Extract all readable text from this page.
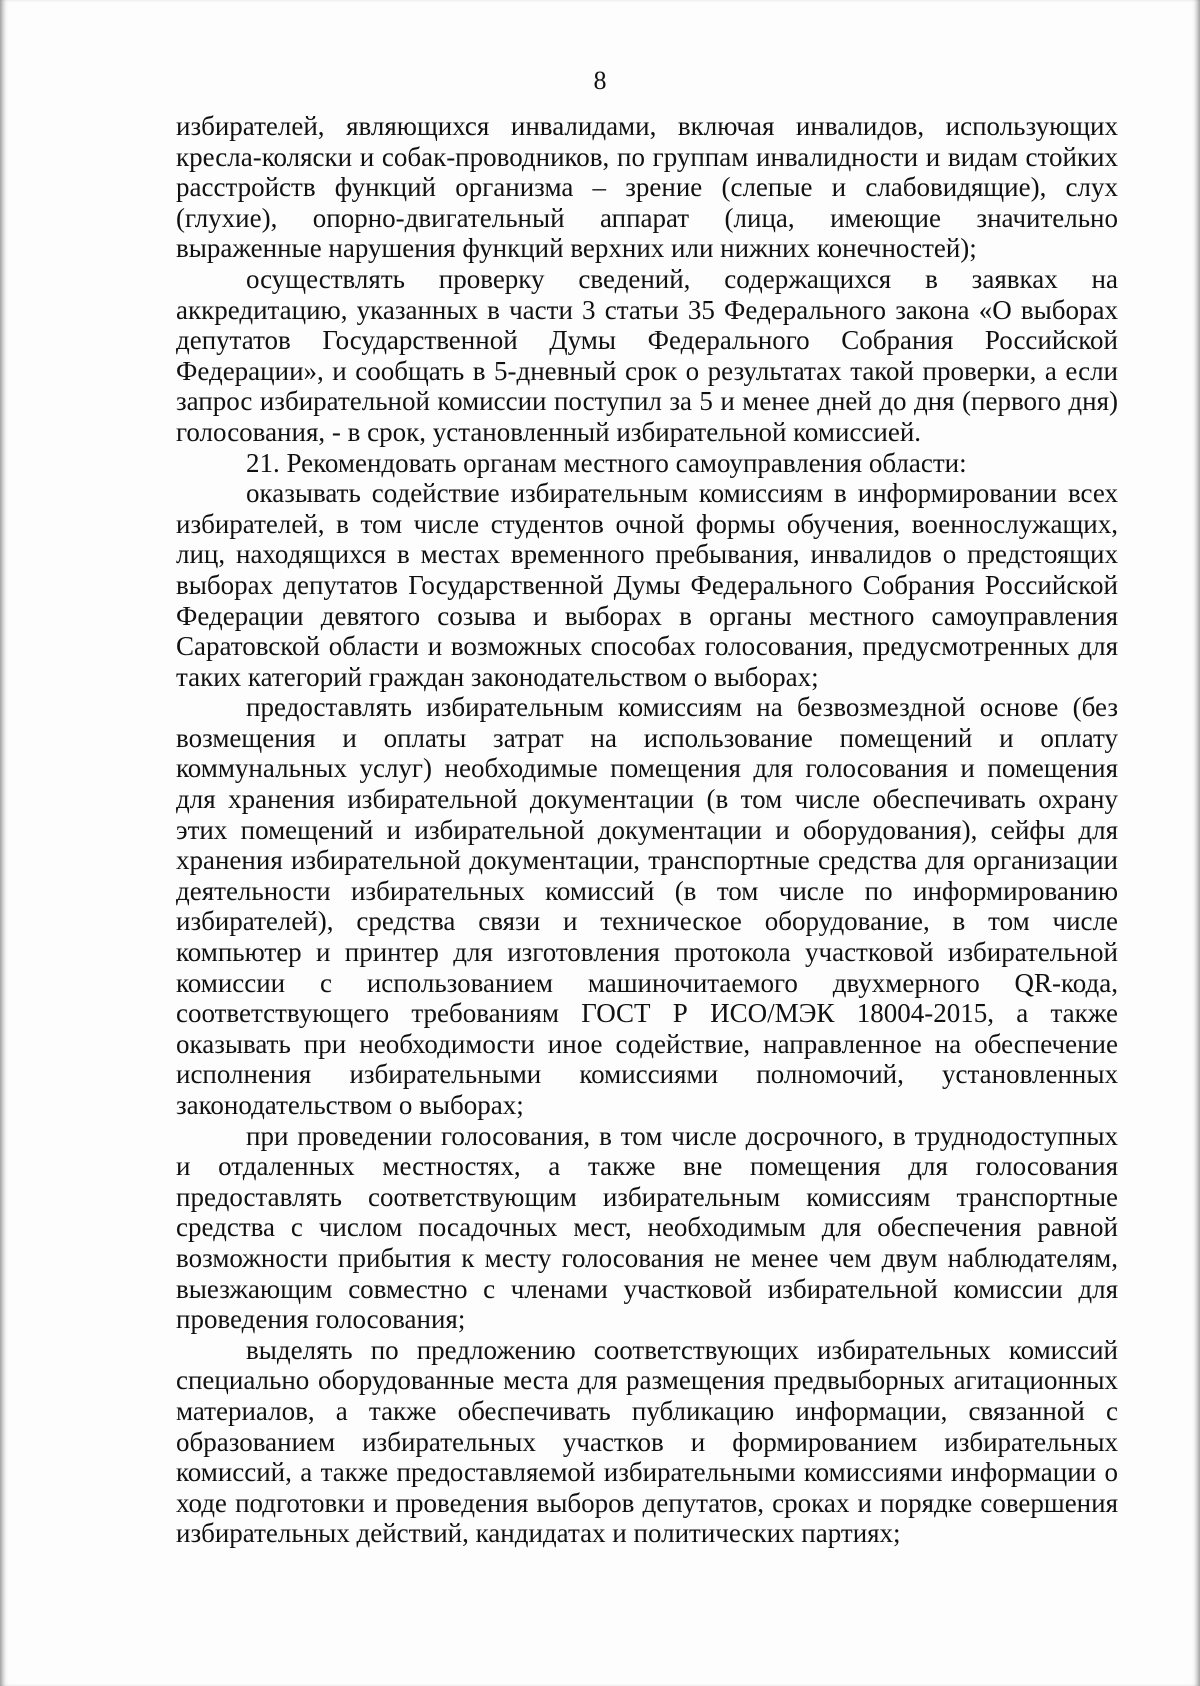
8

избирателей, являющихся инвалидами, включая инвалидов, использующих кресла-коляски и собак-проводников, по группам инвалидности и видам стойких расстройств функций организма – зрение (слепые и слабовидящие), слух (глухие), опорно-двигательный аппарат (лица, имеющие значительно выраженные нарушения функций верхних или нижних конечностей);

осуществлять проверку сведений, содержащихся в заявках на аккредитацию, указанных в части 3 статьи 35 Федерального закона «О выборах депутатов Государственной Думы Федерального Собрания Российской Федерации», и сообщать в 5-дневный срок о результатах такой проверки, а если запрос избирательной комиссии поступил за 5 и менее дней до дня (первого дня) голосования, - в срок, установленный избирательной комиссией.

21. Рекомендовать органам местного самоуправления области:

оказывать содействие избирательным комиссиям в информировании всех избирателей, в том числе студентов очной формы обучения, военнослужащих, лиц, находящихся в местах временного пребывания, инвалидов о предстоящих выборах депутатов Государственной Думы Федерального Собрания Российской Федерации девятого созыва и выборах в органы местного самоуправления Саратовской области и возможных способах голосования, предусмотренных для таких категорий граждан законодательством о выборах;

предоставлять избирательным комиссиям на безвозмездной основе (без возмещения и оплаты затрат на использование помещений и оплату коммунальных услуг) необходимые помещения для голосования и помещения для хранения избирательной документации (в том числе обеспечивать охрану этих помещений и избирательной документации и оборудования), сейфы для хранения избирательной документации, транспортные средства для организации деятельности избирательных комиссий (в том числе по информированию избирателей), средства связи и техническое оборудование, в том числе компьютер и принтер для изготовления протокола участковой избирательной комиссии с использованием машиночитаемого двухмерного QR-кода, соответствующего требованиям ГОСТ Р ИСО/МЭК 18004-2015, а также оказывать при необходимости иное содействие, направленное на обеспечение исполнения избирательными комиссиями полномочий, установленных законодательством о выборах;

при проведении голосования, в том числе досрочного, в труднодоступных и отдаленных местностях, а также вне помещения для голосования предоставлять соответствующим избирательным комиссиям транспортные средства с числом посадочных мест, необходимым для обеспечения равной возможности прибытия к месту голосования не менее чем двум наблюдателям, выезжающим совместно с членами участковой избирательной комиссии для проведения голосования;

выделять по предложению соответствующих избирательных комиссий специально оборудованные места для размещения предвыборных агитационных материалов, а также обеспечивать публикацию информации, связанной с образованием избирательных участков и формированием избирательных комиссий, а также предоставляемой избирательными комиссиями информации о ходе подготовки и проведения выборов депутатов, сроках и порядке совершения избирательных действий, кандидатах и политических партиях;
